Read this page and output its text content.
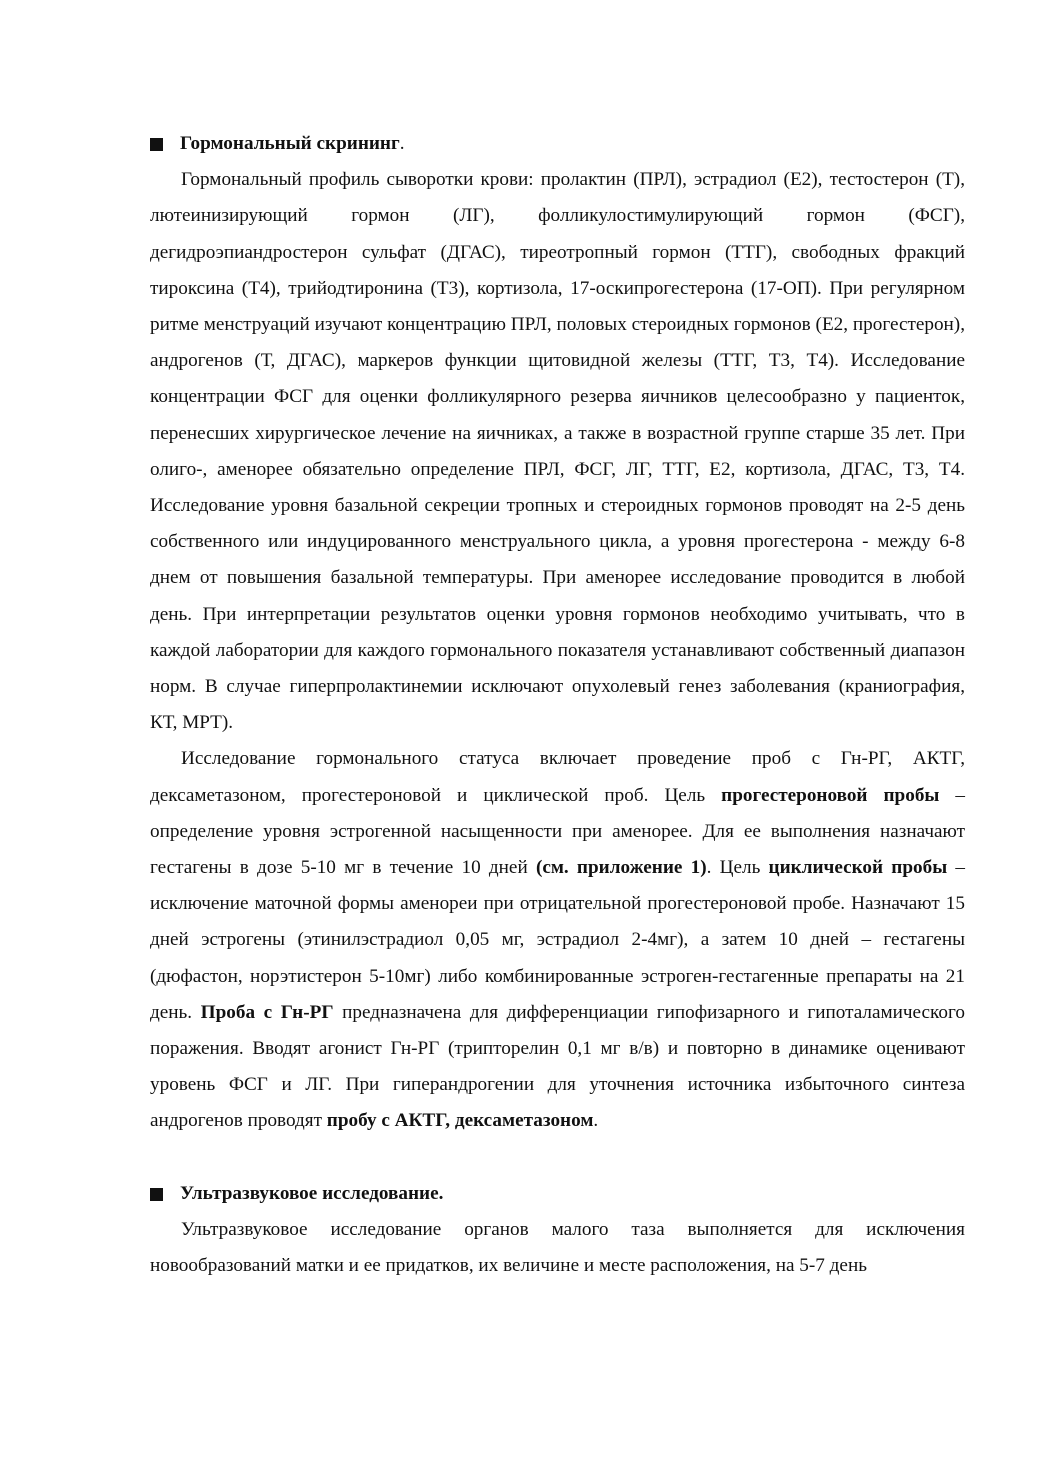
Гормональный скрининг.

Гормональный профиль сыворотки крови: пролактин (ПРЛ), эстрадиол (Е2), тестостерон (Т), лютеинизирующий гормон (ЛГ), фолликулостимулирующий гормон (ФСГ), дегидроэпиандростерон сульфат (ДГАС), тиреотропный гормон (ТТГ), свободных фракций тироксина (Т4), трийодтиронина (Т3), кортизола, 17-оскипрогестерона (17-ОП). При регулярном ритме менструаций изучают концентрацию ПРЛ, половых стероидных гормонов (Е2, прогестерон), андрогенов (Т, ДГАС), маркеров функции щитовидной железы (ТТГ, Т3, Т4). Исследование концентрации ФСГ для оценки фолликулярного резерва яичников целесообразно у пациенток, перенесших хирургическое лечение на яичниках, а также в возрастной группе старше 35 лет. При олиго-, аменорее обязательно определение ПРЛ, ФСГ, ЛГ, ТТГ, Е2, кортизола, ДГАС, Т3, Т4. Исследование уровня базальной секреции тропных и стероидных гормонов проводят на 2-5 день собственного или индуцированного менструального цикла, а уровня прогестерона - между 6-8 днем от повышения базальной температуры. При аменорее исследование проводится в любой день. При интерпретации результатов оценки уровня гормонов необходимо учитывать, что в каждой лаборатории для каждого гормонального показателя устанавливают собственный диапазон норм. В случае гиперпролактинемии исключают опухолевый генез заболевания (краниография, КТ, МРТ).

Исследование гормонального статуса включает проведение проб с Гн-РГ, АКТГ, дексаметазоном, прогестероновой и циклической проб. Цель прогестероновой пробы – определение уровня эстрогенной насыщенности при аменорее. Для ее выполнения назначают гестагены в дозе 5-10 мг в течение 10 дней (см. приложение 1). Цель циклической пробы – исключение маточной формы аменореи при отрицательной прогестероновой пробе. Назначают 15 дней эстрогены (этинилэстрадиол 0,05 мг, эстрадиол 2-4мг), а затем 10 дней – гестагены (дюфастон, норэтистерон 5-10мг) либо комбинированные эстроген-гестагенные препараты на 21 день. Проба с Гн-РГ предназначена для дифференциации гипофизарного и гипоталамического поражения. Вводят агонист Гн-РГ (трипторелин 0,1 мг в/в) и повторно в динамике оценивают уровень ФСГ и ЛГ. При гиперандрогении для уточнения источника избыточного синтеза андрогенов проводят пробу с АКТГ, дексаметазоном.

Ультразвуковое исследование.

Ультразвуковое исследование органов малого таза выполняется для исключения новообразований матки и ее придатков, их величине и месте расположения, на 5-7 день
